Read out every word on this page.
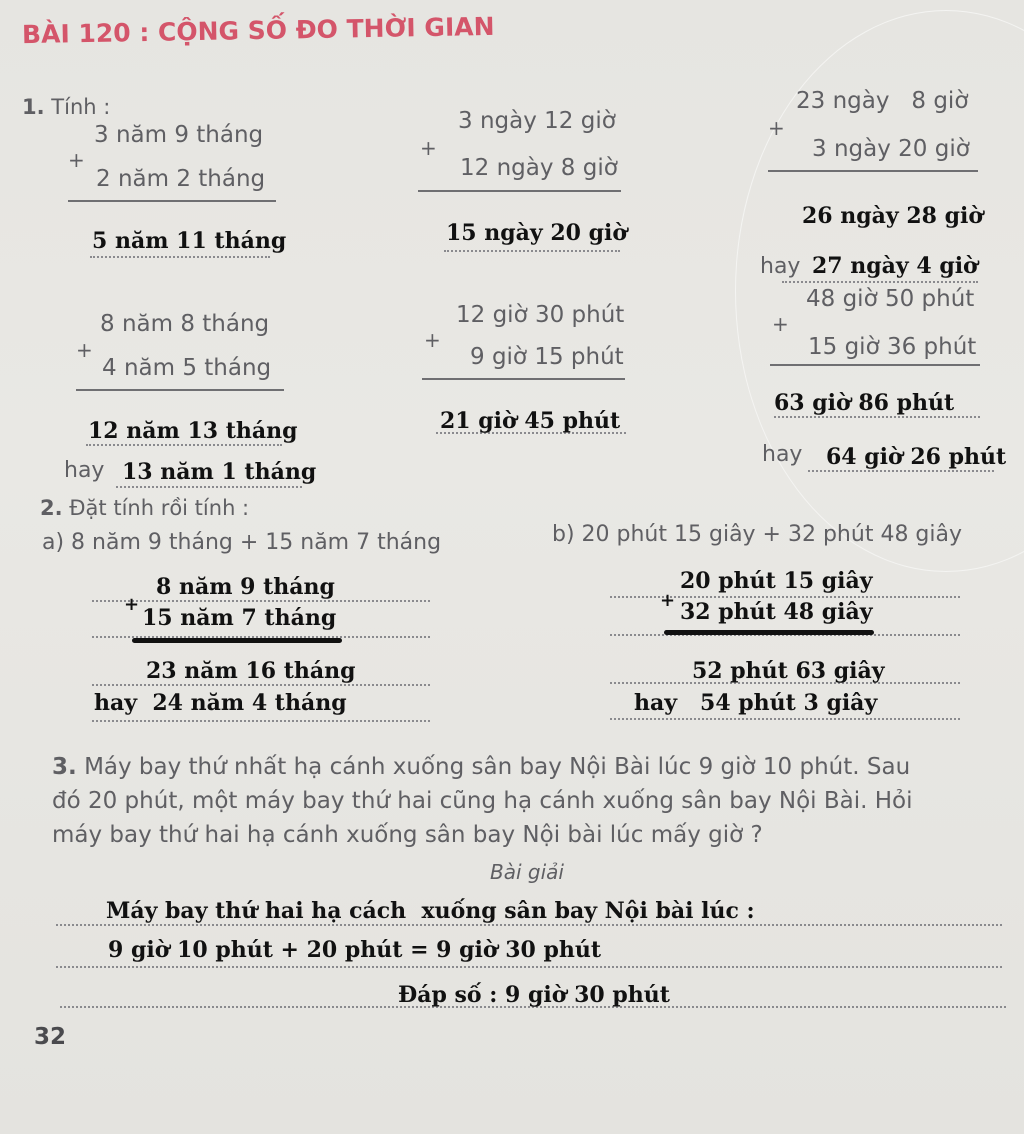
BÀI 120 : CỘNG SỐ ĐO THỜI GIAN
1. Tính :
+
3 năm 9 tháng
2 năm 2 tháng
5 năm 11 tháng
+
3 ngày 12 giờ
12 ngày 8 giờ
15 ngày 20 giờ
+
23 ngày   8 giờ
3 ngày 20 giờ
26 ngày 28 giờ
hay 27 ngày 4 giờ
+
8 năm 8 tháng
4 năm 5 tháng
12 năm 13 tháng
hay 13 năm 1 tháng
+
12 giờ 30 phút
9 giờ 15 phút
21 giờ 45 phút
+
48 giờ 50 phút
15 giờ 36 phút
63 giờ 86 phút
hay 64 giờ 26 phút
2. Đặt tính rồi tính :
a) 8 năm 9 tháng + 15 năm 7 tháng	b) 20 phút 15 giây + 32 phút 48 giây
8 năm 9 tháng
+
15 năm 7 tháng
23 năm 16 tháng
hay  24 năm 4 tháng
20 phút 15 giây
+ 32 phút 48 giây
52 phút 63 giây
hay   54 phút 3 giây
3. Máy bay thứ nhất hạ cánh xuống sân bay Nội Bài lúc 9 giờ 10 phút. Sau
đó 20 phút, một máy bay thứ hai cũng hạ cánh xuống sân bay Nội Bài. Hỏi
máy bay thứ hai hạ cánh xuống sân bay Nội bài lúc mấy giờ ?
Bài giải
Máy bay thứ hai hạ cách  xuống sân bay Nội bài lúc :
9 giờ 10 phút + 20 phút = 9 giờ 30 phút
Đáp số : 9 giờ 30 phút
32
